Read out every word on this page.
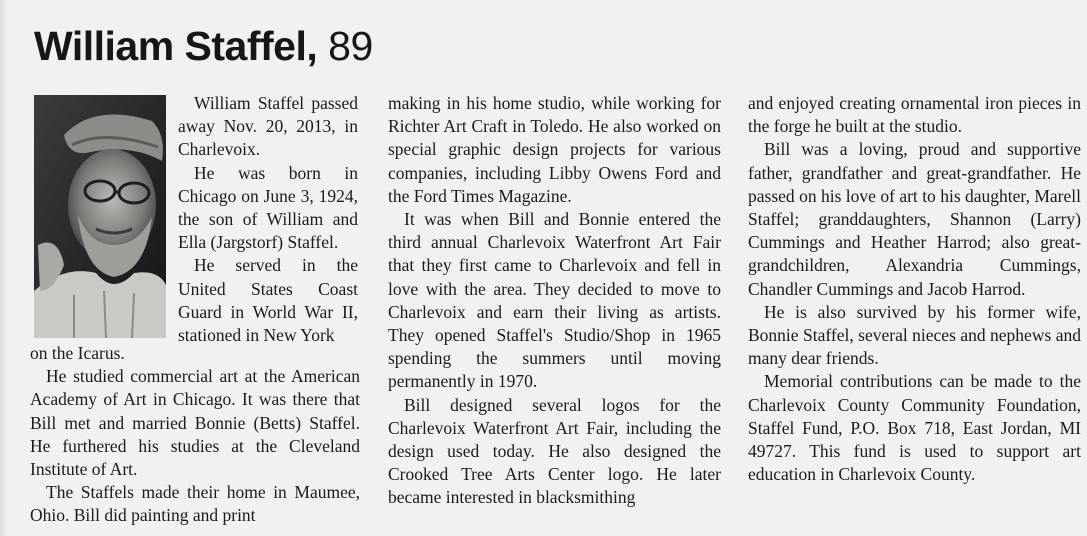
William Staffel, 89

William Staffel passed away Nov. 20, 2013, in Charlevoix.

He was born in Chicago on June 3, 1924, the son of William and Ella (Jargstorf) Staffel.

He served in the United States Coast Guard in World War II, stationed in New York

on the Icarus.

He studied commercial art at the American Academy of Art in Chicago. It was there that Bill met and married Bonnie (Betts) Staffel. He furthered his studies at the Cleveland Institute of Art.

The Staffels made their home in Maumee, Ohio. Bill did painting and print

making in his home studio, while working for Richter Art Craft in Toledo. He also worked on special graphic design projects for various companies, including Libby Owens Ford and the Ford Times Magazine.

It was when Bill and Bonnie entered the third annual Charlevoix Waterfront Art Fair that they first came to Charlevoix and fell in love with the area. They decided to move to Charlevoix and earn their living as artists. They opened Staffel's Studio/Shop in 1965 spending the summers until moving permanently in 1970.

Bill designed several logos for the Charlevoix Waterfront Art Fair, including the design used today. He also designed the Crooked Tree Arts Center logo. He later became interested in blacksmithing

and enjoyed creating ornamental iron pieces in the forge he built at the studio.

Bill was a loving, proud and supportive father, grandfather and great-grandfather. He passed on his love of art to his daughter, Marell Staffel; granddaughters, Shannon (Larry) Cummings and Heather Harrod; also great-grandchildren, Alexandria Cummings, Chandler Cummings and Jacob Harrod.

He is also survived by his former wife, Bonnie Staffel, several nieces and nephews and many dear friends.

Memorial contributions can be made to the Charlevoix County Community Foundation, Staffel Fund, P.O. Box 718, East Jordan, MI 49727. This fund is used to support art education in Charlevoix County.
